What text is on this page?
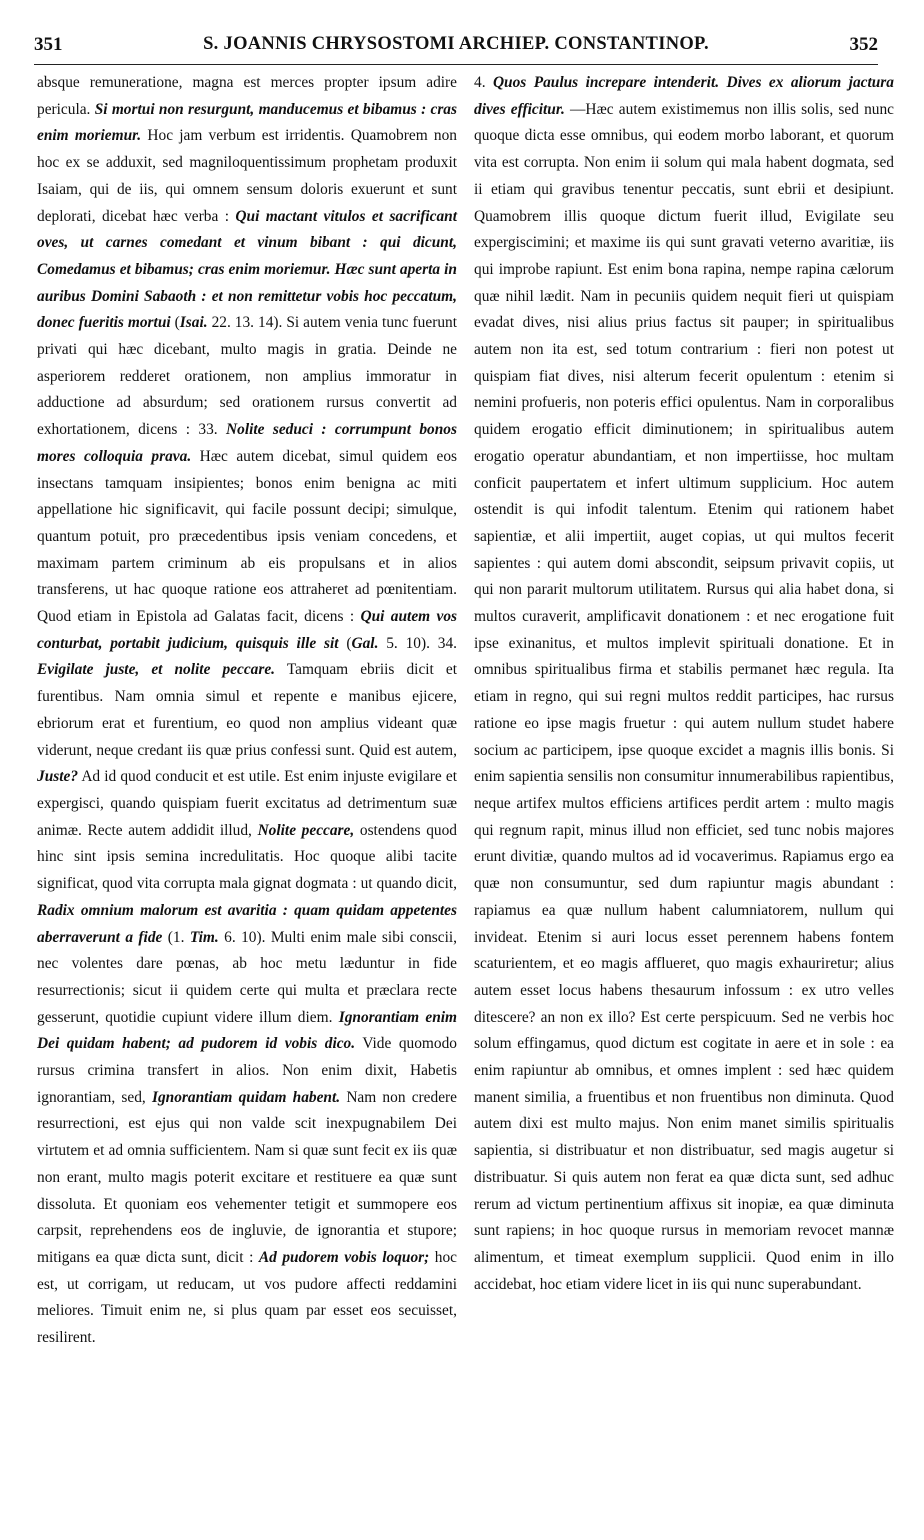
351	S. JOANNIS CHRYSOSTOMI ARCHIEP. CONSTANTINOP.	352

absque remuneratione, magna est merces propter ipsum adire pericula. Si mortui non resurgunt, manducemus et bibamus : cras enim moriemur. Hoc jam verbum est irridentis. Quamobrem non hoc ex se adduxit, sed magniloquentissimum prophetam produxit Isaiam, qui de iis, qui omnem sensum doloris exuerunt et sunt deplorati, dicebat hæc verba : Qui mactant vitulos et sacrificant oves, ut carnes comedant et vinum bibant : qui dicunt, Comedamus et bibamus; cras enim moriemur. Hæc sunt aperta in auribus Domini Sabaoth : et non remittetur vobis hoc peccatum, donec fueritis mortui (Isai. 22. 13. 14). Si autem venia tunc fuerunt privati qui hæc dicebant, multo magis in gratia. Deinde ne asperiorem redderet orationem, non amplius immoratur in adductione ad absurdum; sed orationem rursus convertit ad exhortationem, dicens : 33. Nolite seduci : corrumpunt bonos mores colloquia prava. Hæc autem dicebat, simul quidem eos insectans tamquam insipientes; bonos enim benigna ac miti appellatione hic significavit, qui facile possunt decipi; simulque, quantum potuit, pro præcedentibus ipsis veniam concedens, et maximam partem criminum ab eis propulsans et in alios transferens, ut hac quoque ratione eos attraheret ad pœnitentiam. Quod etiam in Epistola ad Galatas facit, dicens : Qui autem vos conturbat, portabit judicium, quisquis ille sit (Gal. 5. 10). 34. Evigilate juste, et nolite peccare. Tamquam ebriis dicit et furentibus. Nam omnia simul et repente e manibus ejicere, ebriorum erat et furentium, eo quod non amplius videant quæ viderunt, neque credant iis quæ prius confessi sunt. Quid est autem, Juste? Ad id quod conducit et est utile. Est enim injuste evigilare et expergisci, quando quispiam fuerit excitatus ad detrimentum suæ animæ. Recte autem addidit illud, Nolite peccare, ostendens quod hinc sint ipsis semina incredulitatis. Hoc quoque alibi tacite significat, quod vita corrupta mala gignat dogmata : ut quando dicit, Radix omnium malorum est avaritia : quam quidam appetentes aberraverunt a fide (1. Tim. 6. 10). Multi enim male sibi conscii, nec volentes dare pœnas, ab hoc metu læduntur in fide resurrectionis; sicut ii quidem certe qui multa et præclara recte gesserunt, quotidie cupiunt videre illum diem. Ignorantiam enim Dei quidam habent; ad pudorem id vobis dico. Vide quomodo rursus crimina transfert in alios. Non enim dixit, Habetis ignorantiam, sed, Ignorantiam quidam habent. Nam non credere resurrectioni, est ejus qui non valde scit inexpugnabilem Dei virtutem et ad omnia sufficientem. Nam si quæ sunt fecit ex iis quæ non erant, multo magis poterit excitare et restituere ea quæ sunt dissoluta. Et quoniam eos vehementer tetigit et summopere eos carpsit, reprehendens eos de ingluvie, de ignorantia et stupore; mitigans ea quæ dicta sunt, dicit : Ad pudorem vobis loquor; hoc est, ut corrigam, ut reducam, ut vos pudore affecti reddamini meliores. Timuit enim ne, si plus quam par esset eos secuisset, resilirent.

4. Quos Paulus increpare intenderit. Dives ex aliorum jactura dives efficitur. —Hæc autem existimemus non illis solis, sed nunc quoque dicta esse omnibus, qui eodem morbo laborant, et quorum vita est corrupta. Non enim ii solum qui mala habent dogmata, sed ii etiam qui gravibus tenentur peccatis, sunt ebrii et desipiunt. Quamobrem illis quoque dictum fuerit illud, Evigilate seu expergiscimini; et maxime iis qui sunt gravati veterno avaritiæ, iis qui improbe rapiunt. Est enim bona rapina, nempe rapina cælorum quæ nihil lædit. Nam in pecuniis quidem nequit fieri ut quispiam evadat dives, nisi alius prius factus sit pauper; in spiritualibus autem non ita est, sed totum contrarium : fieri non potest ut quispiam fiat dives, nisi alterum fecerit opulentum : etenim si nemini profueris, non poteris effici opulentus. Nam in corporalibus quidem erogatio efficit diminutionem; in spiritualibus autem erogatio operatur abundantiam, et non impertiisse, hoc multam conficit paupertatem et infert ultimum supplicium. Hoc autem ostendit is qui infodit talentum. Etenim qui rationem habet sapientiæ, et alii impertiit, auget copias, ut qui multos fecerit sapientes : qui autem domi abscondit, seipsum privavit copiis, ut qui non pararit multorum utilitatem. Rursus qui alia habet dona, si multos curaverit, amplificavit donationem : et nec erogatione fuit ipse exinanitus, et multos implevit spirituali donatione. Et in omnibus spiritualibus firma et stabilis permanet hæc regula. Ita etiam in regno, qui sui regni multos reddit participes, hac rursus ratione eo ipse magis fruetur : qui autem nullum studet habere socium ac participem, ipse quoque excidet a magnis illis bonis. Si enim sapientia sensilis non consumitur innumerabilibus rapientibus, neque artifex multos efficiens artifices perdit artem : multo magis qui regnum rapit, minus illud non efficiet, sed tunc nobis majores erunt divitiæ, quando multos ad id vocaverimus. Rapiamus ergo ea quæ non consumuntur, sed dum rapiuntur magis abundant : rapiamus ea quæ nullum habent calumniatorem, nullum qui invideat. Etenim si auri locus esset perennem habens fontem scaturientem, et eo magis afflueret, quo magis exhauriretur; alius autem esset locus habens thesaurum infossum : ex utro velles ditescere? an non ex illo? Est certe perspicuum. Sed ne verbis hoc solum effingamus, quod dictum est cogitate in aere et in sole : ea enim rapiuntur ab omnibus, et omnes implent : sed hæc quidem manent similia, a fruentibus et non fruentibus non diminuta. Quod autem dixi est multo majus. Non enim manet similis spiritualis sapientia, si distribuatur et non distribuatur, sed magis augetur si distribuatur. Si quis autem non ferat ea quæ dicta sunt, sed adhuc rerum ad victum pertinentium affixus sit inopiæ, ea quæ diminuta sunt rapiens; in hoc quoque rursus in memoriam revocet mannæ alimentum, et timeat exemplum supplicii. Quod enim in illo accidebat, hoc etiam videre licet in iis qui nunc superabundant.
